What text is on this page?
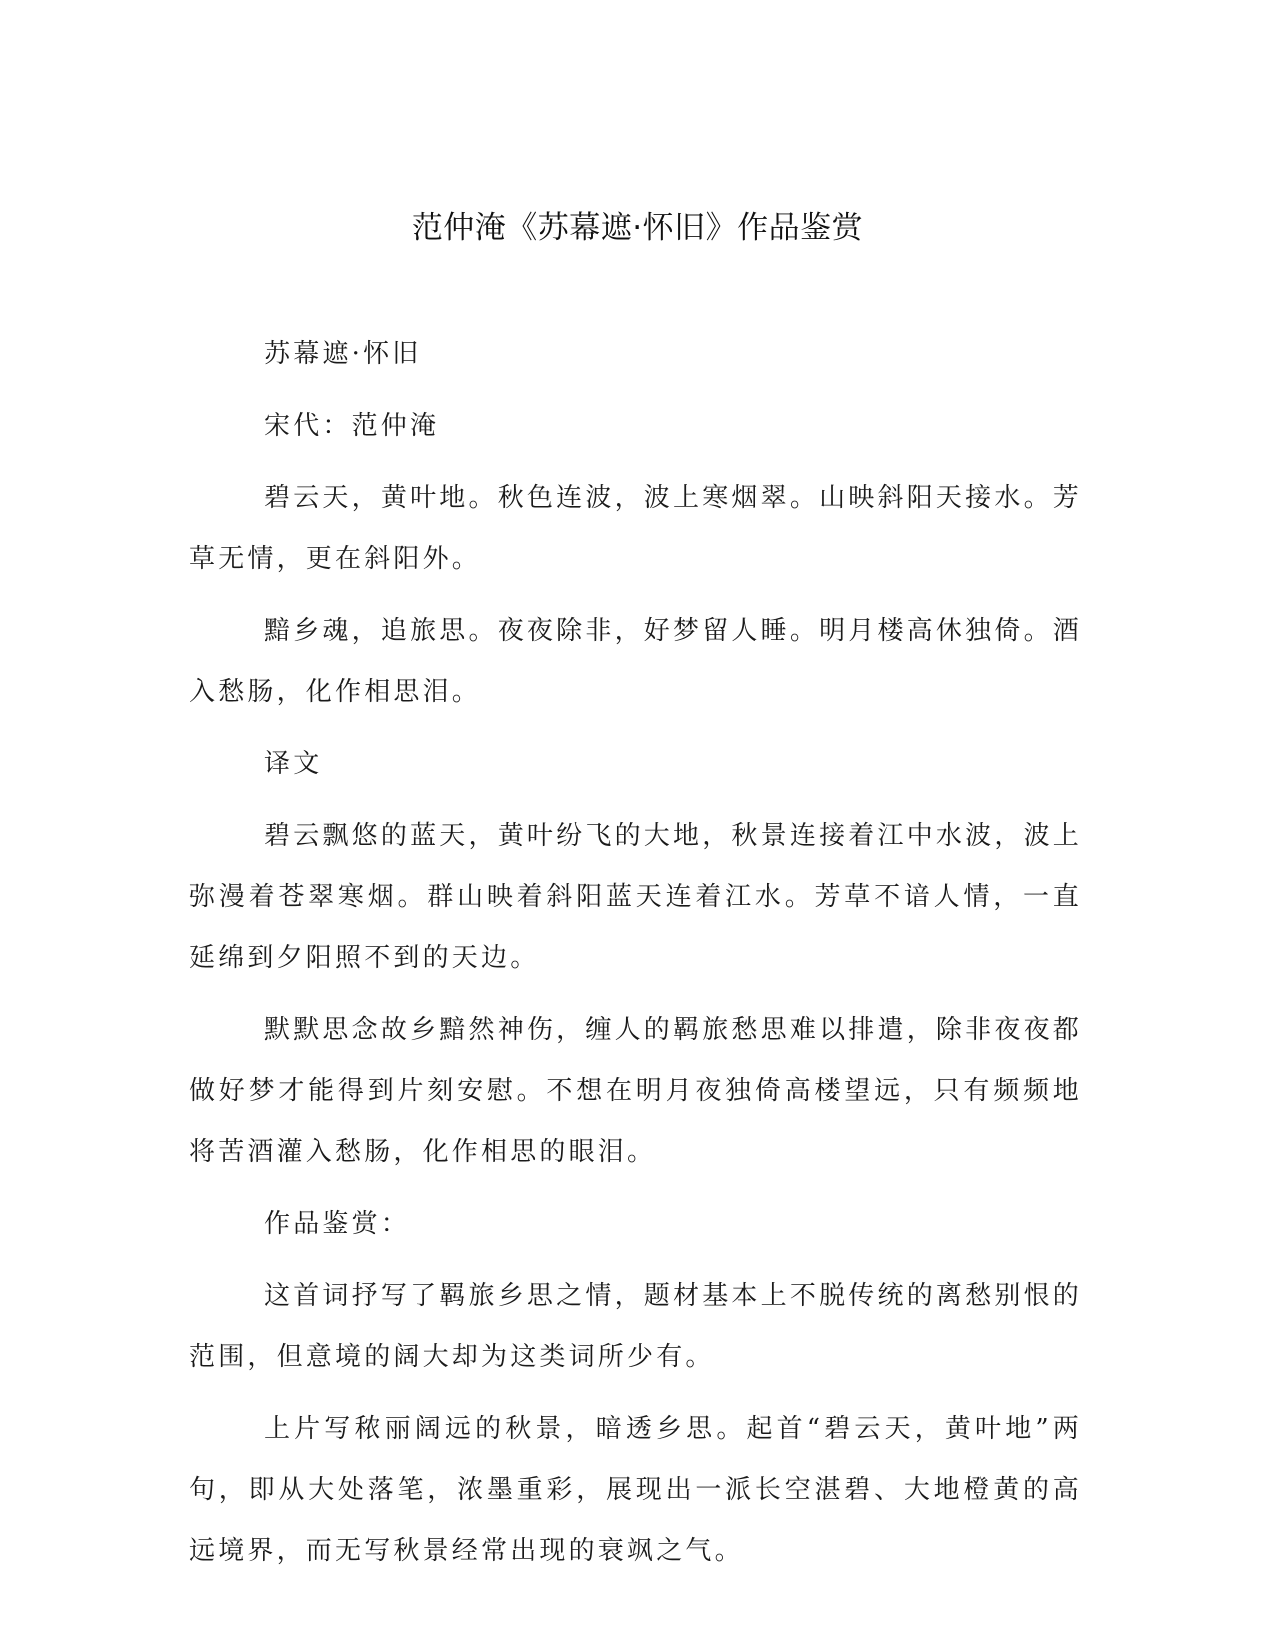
范仲淹《苏幕遮·怀旧》作品鉴赏

苏幕遮·怀旧

宋代：范仲淹

碧云天，黄叶地。秋色连波，波上寒烟翠。山映斜阳天接水。芳草无情，更在斜阳外。

黯乡魂，追旅思。夜夜除非，好梦留人睡。明月楼高休独倚。酒入愁肠，化作相思泪。

译文

碧云飘悠的蓝天，黄叶纷飞的大地，秋景连接着江中水波，波上弥漫着苍翠寒烟。群山映着斜阳蓝天连着江水。芳草不谙人情，一直延绵到夕阳照不到的天边。

默默思念故乡黯然神伤，缠人的羁旅愁思难以排遣，除非夜夜都做好梦才能得到片刻安慰。不想在明月夜独倚高楼望远，只有频频地将苦酒灌入愁肠，化作相思的眼泪。

作品鉴赏：

这首词抒写了羁旅乡思之情，题材基本上不脱传统的离愁别恨的范围，但意境的阔大却为这类词所少有。

上片写秾丽阔远的秋景，暗透乡思。起首“碧云天，黄叶地”两句，即从大处落笔，浓墨重彩，展现出一派长空湛碧、大地橙黄的高远境界，而无写秋景经常出现的衰飒之气。
